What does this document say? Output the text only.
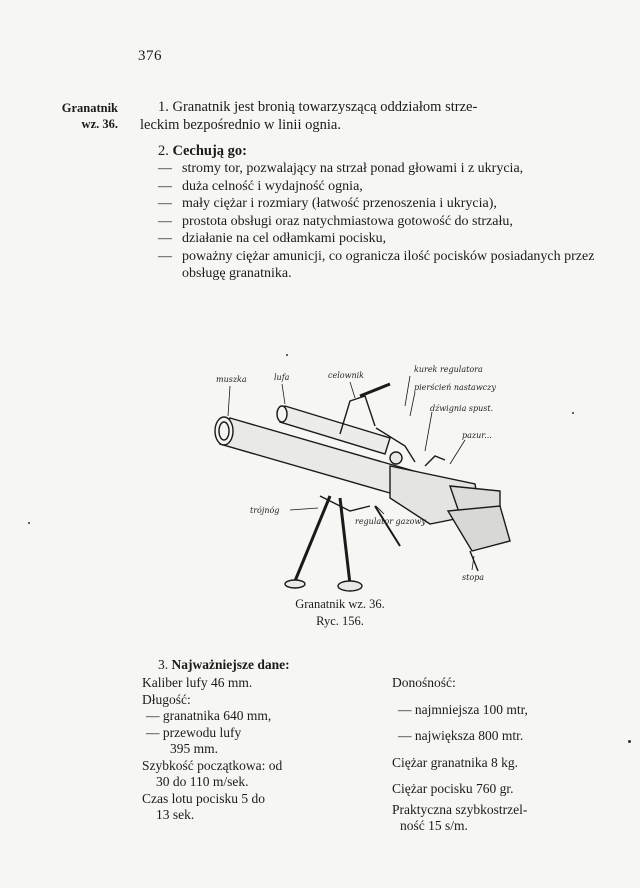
376
Granatnik
wz. 36.
1. Granatnik jest bronią towarzyszącą oddziałom strze-
leckim bezpośrednio w linii ognia.
2. Cechują go:
— stromy tor, pozwalający na strzał ponad głowami i z ukrycia,
— duża celność i wydajność ognia,
— mały ciężar i rozmiary (łatwość przenoszenia i ukrycia),
— prostota obsługi oraz natychmiastowa gotowość do strzału,
— działanie na cel odłamkami pocisku,
— poważny ciężar amunicji, co ogranicza ilość pocisków posiadanych przez obsługę granatnika.
muszka	lufa	celownik
kurek regulatora
pierścień nastawczy
dźwignia spust.
pazur...
trójnóg
regulator gazowy
stopa
Granatnik wz. 36.
Ryc. 156.
3. Najważniejsze dane:
Kaliber lufy 46 mm.
Długość:
— granatnika 640 mm,
— przewodu lufy
395 mm.
Szybkość początkowa: od
30 do 110 m/sek.
Czas lotu pocisku 5 do
13 sek.
Donośność:
— najmniejsza 100 mtr,
— największa 800 mtr.
Ciężar granatnika 8 kg.
Ciężar pocisku 760 gr.
Praktyczna szybkostrzel-
ność 15 s/m.
